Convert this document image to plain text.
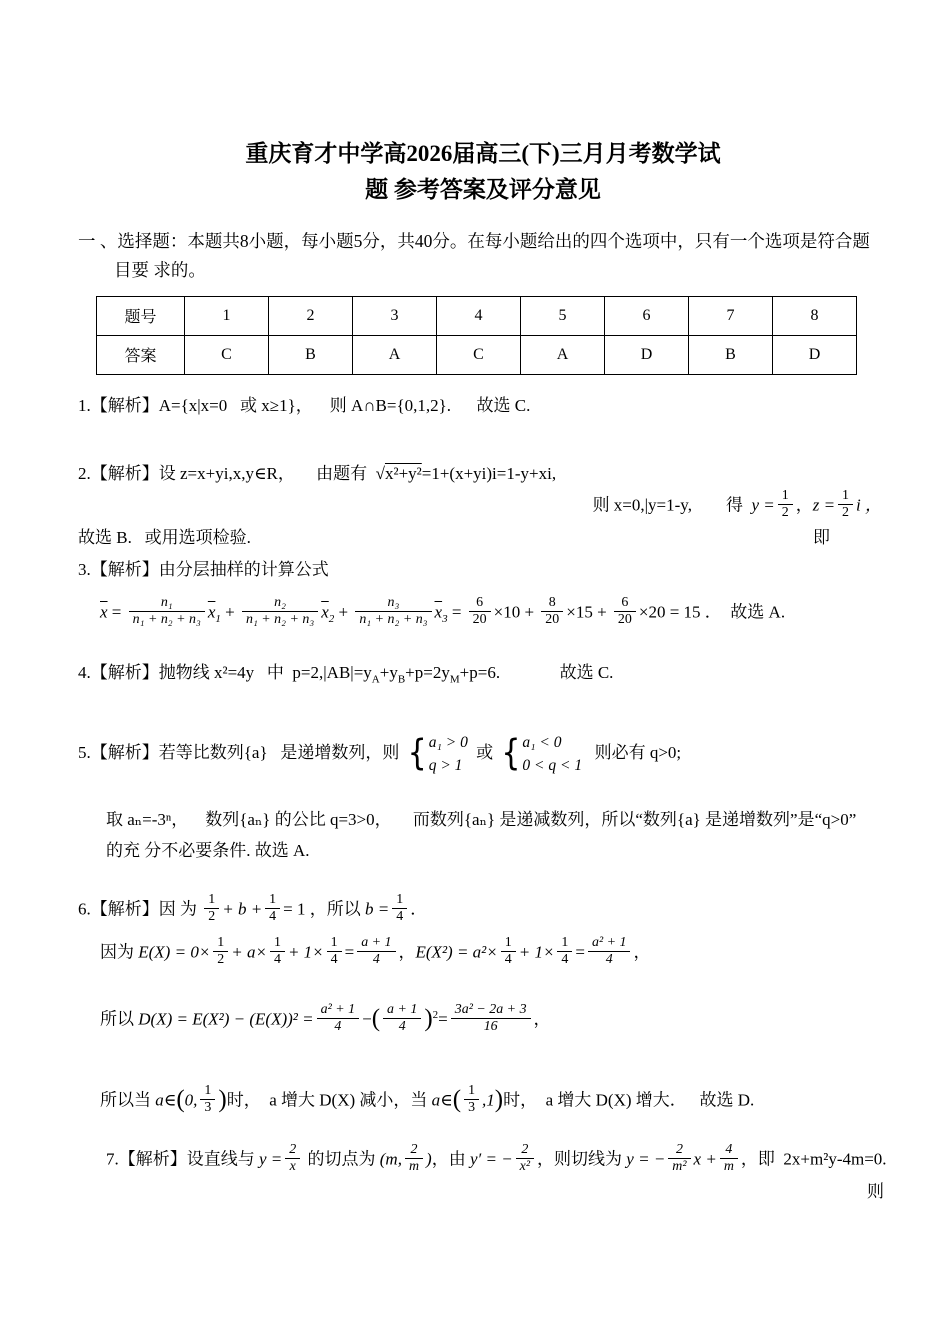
重庆育才中学高2026届高三(下)三月月考数学试
题 参考答案及评分意见

一 、选择题：本题共8小题，每小题5分，共40分。在每小题给出的四个选项中，只有一个选项是符合题
目要 求的。

题号	1	2	3	4	5	6	7	8
答案	C	B	A	C	A	D	B	D

1.【解析】A={x|x=0   或 x≥1}，    则 A∩B={0,1,2}.      故选 C.

2.【解析】设 z=x+yi,x,y∈R，     由题有  √x²+y²=1+(x+yi)i=1-y+xi,

则 x=0,|y=1-y,        得  $y = \frac{1}{2}$ ，$z = \frac{1}{2}$ i ，

故选 B.   或用选项检验.	即

3.【解析】由分层抽样的计算公式

$\overline{x} = \frac{\text{n₁}}{\text{n₁ + n₂ + n₃}} \overline{x}_1 + \frac{\text{n₂}}{\text{n₁ + n₂ + n₃}} \overline{x}_2 + \frac{\text{n₃}}{\text{n₁ + n₂ + n₃}} \overline{x}_3 = \frac{6}{20} \times 10 + \frac{8}{20} \times 15 + \frac{6}{20} \times 20 = 15$ ．  故选 A.

4.【解析】抛物线 x²=4y   中  $p=2,|AB|=y_A+y_B+p=2y_M+p=6$.              故选 C.

5.【解析】若等比数列{a}   是递增数列，则 { a₁ > 0
q > 1
或 { a₁ < 0
0 < q < 1
则必有 q>0;

取 aₙ=-3ⁿ，    数列{aₙ} 的公比 q=3>0，     而数列{aₙ} 是递减数列，所以“数列{a} 是递增数列”是“q>0”

的充 分不必要条件. 故选 A.

6.【解析】因 为 $\frac{1}{2} + b + \frac{1}{4} = 1$ ，所以 $b = \frac{1}{4}$ ．

因为 $E(X) = 0\times \frac{1}{2} + a\times \frac{1}{4} + 1\times \frac{1}{4} = \frac{a + 1}{4}$ ，$E(X^2) = a^2\times \frac{1}{4} + 1\times \frac{1}{4} = \frac{\text{a² + 1}}{4}$ ，

所以 $D(X) = E(X^2) - (E(X))^2 = \frac{\text{a² + 1}}{4}$ −( $\frac{a + 1}{4} )^2= \frac{\text{3a² − 2a + 3}}{16}$ ，

所以当 a∈(0, $\frac{1}{3}$ )时，  a 增大 D(X) 减小，当 a∈( $\frac{1}{3} ,1$)时，  a 增大 D(X) 增大．   故选 D.

7.【解析】设直线与 $y = \frac{2}{x}$ 的切点为 (m, $\frac{2}{m}$ )，由 y′ = − $\frac{2}{\text{x²}}$ ，则切线为 y = − $\frac{2}{\text{m²}}$ $x + \frac{4}{m}$ ，即  2x+m²y-4m=0.

则
